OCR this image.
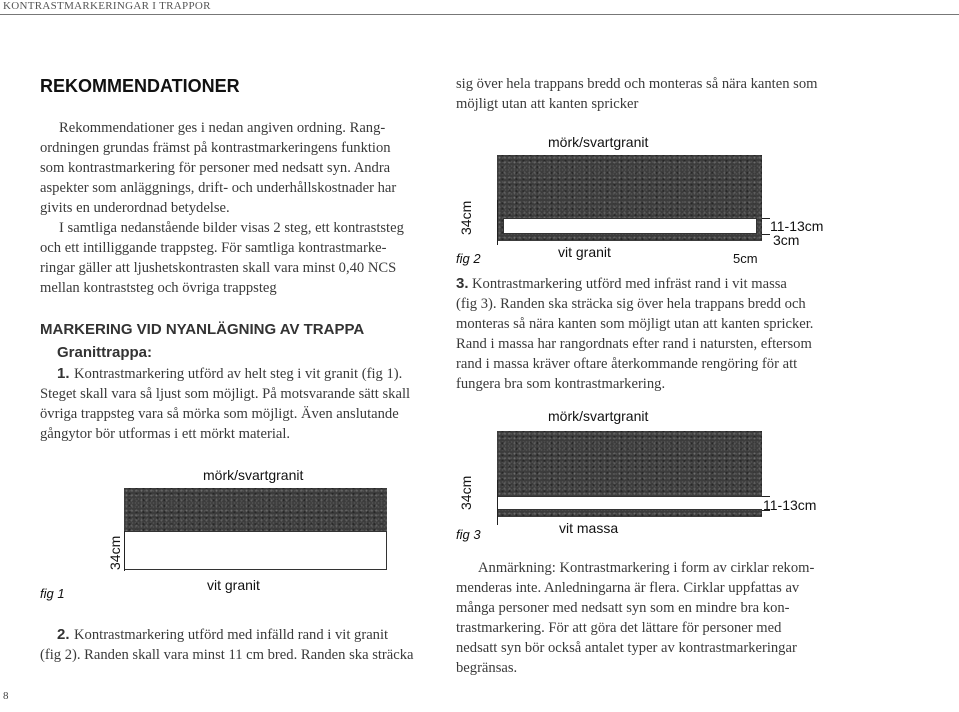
KONTRASTMARKERINGAR I TRAPPOR
REKOMMENDATIONER
Rekommendationer ges i nedan angiven ordning. Rang-
ordningen grundas främst på kontrastmarkeringens funktion
som kontrastmarkering för personer med nedsatt syn. Andra
aspekter som anläggnings, drift- och underhållskostnader har
givits en underordnad betydelse.
I samtliga nedanstående bilder visas 2 steg, ett kontraststeg
och ett intilliggande trappsteg. För samtliga kontrastmarke-
ringar gäller att ljushetskontrasten skall vara minst 0,40 NCS
mellan kontraststeg och övriga trappsteg
MARKERING VID NYANLÄGNING AV TRAPPA
Granittrappa:
1. Kontrastmarkering utförd av helt steg i vit granit (fig 1).
Steget skall vara så ljust som möjligt. På motsvarande sätt skall
övriga trappsteg vara så mörka som möjligt. Även anslutande
gångytor bör utformas i ett mörkt material.
mörk/svartgranit
34cm
vit granit
fig 1
2. Kontrastmarkering utförd med infälld rand i vit granit
(fig 2). Randen skall vara minst 11 cm bred. Randen ska sträcka
8
sig över hela trappans bredd och monteras så nära kanten som
möjligt utan att kanten spricker
mörk/svartgranit
34cm	11-13cm
3cm
vit granit	5cm
fig 2
3. Kontrastmarkering utförd med infräst rand i vit massa
(fig 3). Randen ska sträcka sig över hela trappans bredd och
monteras så nära kanten som möjligt utan att kanten spricker.
Rand i massa har rangordnats efter rand i natursten, eftersom
rand i massa kräver oftare återkommande rengöring för att
fungera bra som kontrastmarkering.
mörk/svartgranit
34cm	11-13cm
vit massa
fig 3
Anmärkning: Kontrastmarkering i form av cirklar rekom-
menderas inte. Anledningarna är flera. Cirklar uppfattas av
många personer med nedsatt syn som en mindre bra kon-
trastmarkering. För att göra det lättare för personer med
nedsatt syn bör också antalet typer av kontrastmarkeringar
begränsas.
